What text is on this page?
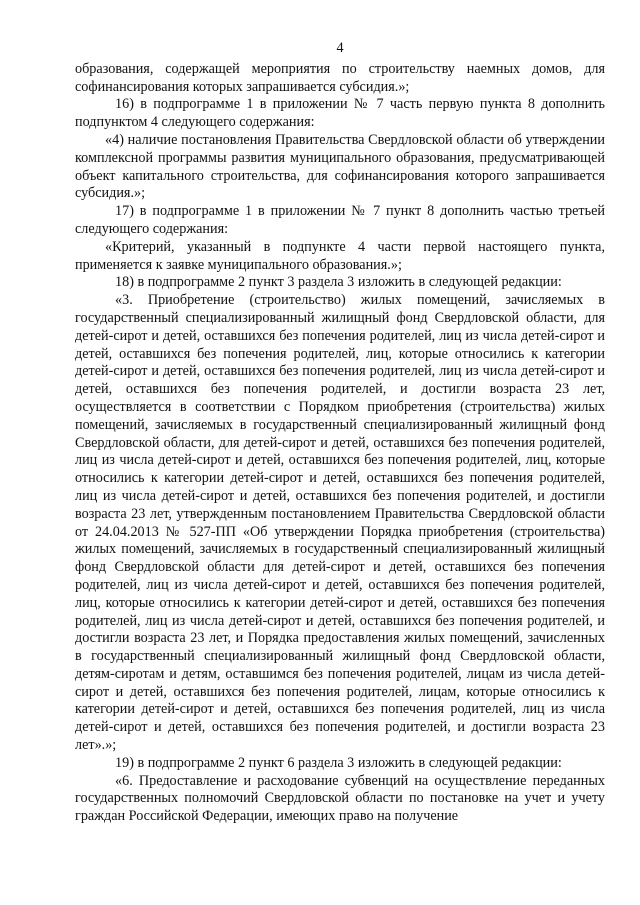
4

образования, содержащей мероприятия по строительству наемных домов, для софинансирования которых запрашивается субсидия.»;

16) в подпрограмме 1 в приложении № 7 часть первую пункта 8 дополнить подпунктом 4 следующего содержания:

«4) наличие постановления Правительства Свердловской области об утверждении комплексной программы развития муниципального образования, предусматривающей объект капитального строительства, для софинансирования которого запрашивается субсидия.»;

17) в подпрограмме 1 в приложении № 7 пункт 8 дополнить частью третьей следующего содержания:

«Критерий, указанный в подпункте 4 части первой настоящего пункта, применяется к заявке муниципального образования.»;

18) в подпрограмме 2 пункт 3 раздела 3 изложить в следующей редакции:

«3. Приобретение (строительство) жилых помещений, зачисляемых в государственный специализированный жилищный фонд Свердловской области, для детей-сирот и детей, оставшихся без попечения родителей, лиц из числа детей-сирот и детей, оставшихся без попечения родителей, лиц, которые относились к категории детей-сирот и детей, оставшихся без попечения родителей, лиц из числа детей-сирот и детей, оставшихся без попечения родителей, и достигли возраста 23 лет, осуществляется в соответствии с Порядком приобретения (строительства) жилых помещений, зачисляемых в государственный специализированный жилищный фонд Свердловской области, для детей-сирот и детей, оставшихся без попечения родителей, лиц из числа детей-сирот и детей, оставшихся без попечения родителей, лиц, которые относились к категории детей-сирот и детей, оставшихся без попечения родителей, лиц из числа детей-сирот и детей, оставшихся без попечения родителей, и достигли возраста 23 лет, утвержденным постановлением Правительства Свердловской области от 24.04.2013 № 527-ПП «Об утверждении Порядка приобретения (строительства) жилых помещений, зачисляемых в государственный специализированный жилищный фонд Свердловской области для детей-сирот и детей, оставшихся без попечения родителей, лиц из числа детей-сирот и детей, оставшихся без попечения родителей, лиц, которые относились к категории детей-сирот и детей, оставшихся без попечения родителей, лиц из числа детей-сирот и детей, оставшихся без попечения родителей, и достигли возраста 23 лет, и Порядка предоставления жилых помещений, зачисленных в государственный специализированный жилищный фонд Свердловской области, детям-сиротам и детям, оставшимся без попечения родителей, лицам из числа детей-сирот и детей, оставшихся без попечения родителей, лицам, которые относились к категории детей-сирот и детей, оставшихся без попечения родителей, лиц из числа детей-сирот и детей, оставшихся без попечения родителей, и достигли возраста 23 лет».»;

19) в подпрограмме 2 пункт 6 раздела 3 изложить в следующей редакции:

«6. Предоставление и расходование субвенций на осуществление переданных государственных полномочий Свердловской области по постановке на учет и учету граждан Российской Федерации, имеющих право на получение
